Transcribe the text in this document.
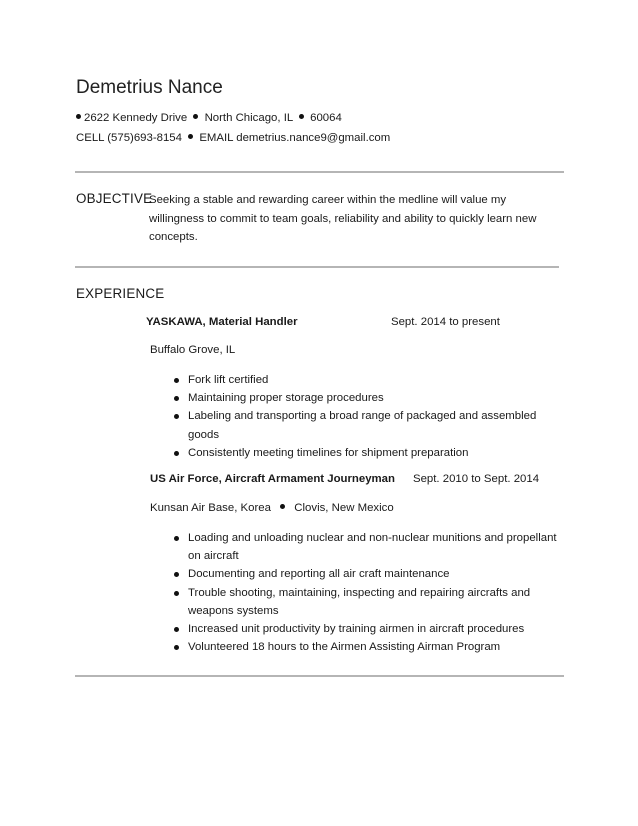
Demetrius Nance
2622 Kennedy Drive North Chicago, IL 60064
CELL (575)693-8154 EMAIL demetrius.nance9@gmail.com
OBJECTIVE
Seeking a stable and rewarding career within the medline will value my willingness to commit to team goals, reliability and ability to quickly learn new concepts.
EXPERIENCE
YASKAWA, Material Handler	Sept. 2014 to present
Buffalo Grove, IL
Fork lift certified
Maintaining proper storage procedures
Labeling and transporting a broad range of packaged and assembled goods
Consistently meeting timelines for shipment preparation
US Air Force, Aircraft Armament Journeyman Sept. 2010 to Sept. 2014
Kunsan Air Base, Korea Clovis, New Mexico
Loading and unloading nuclear and non-nuclear munitions and propellant on aircraft
Documenting and reporting all air craft maintenance
Trouble shooting, maintaining, inspecting and repairing aircrafts and weapons systems
Increased unit productivity by training airmen in aircraft procedures
Volunteered 18 hours to the Airmen Assisting Airman Program
